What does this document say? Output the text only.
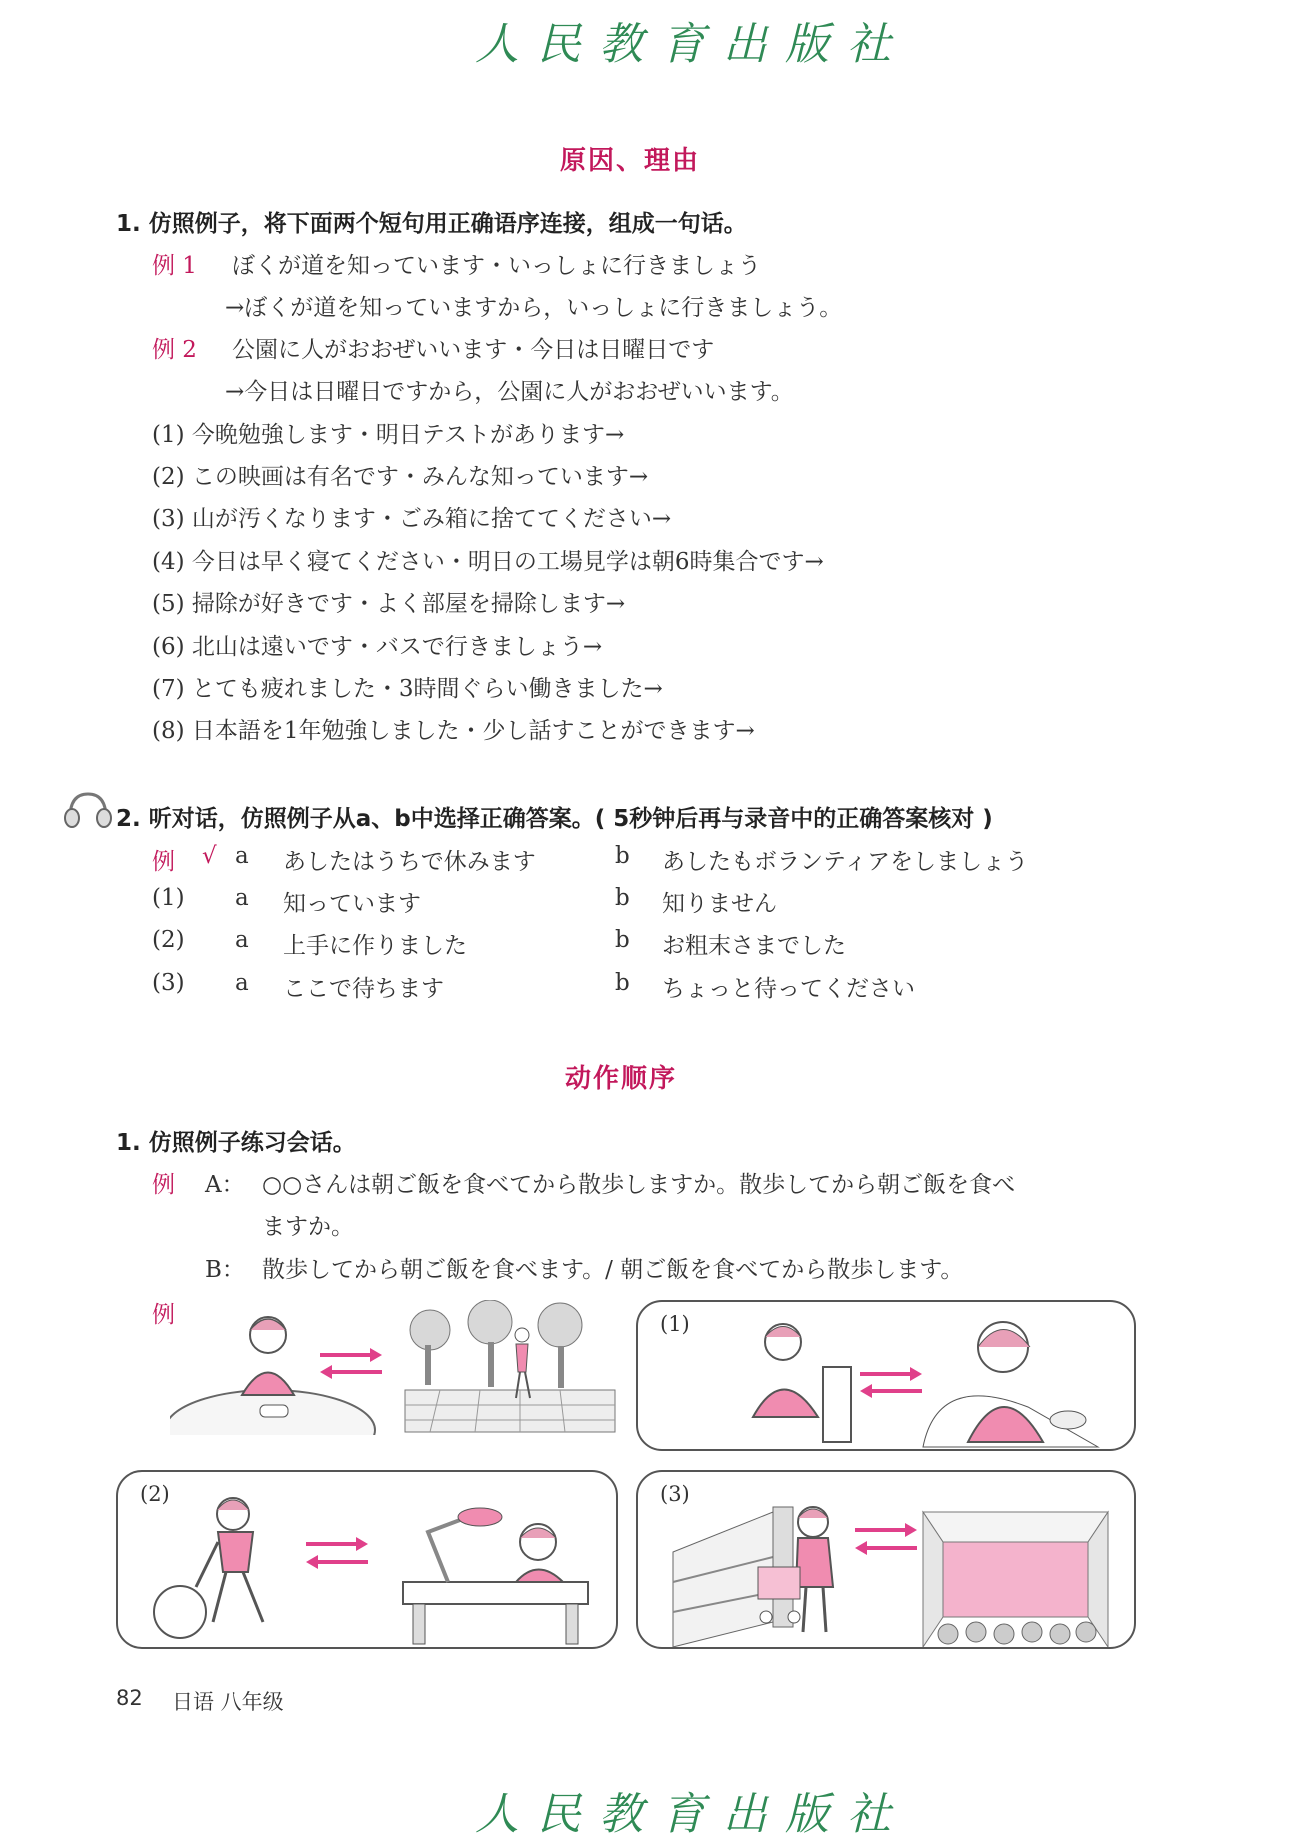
人民教育出版社
原因、理由
1. 仿照例子，将下面两个短句用正确语序连接，组成一句话。
例 1 ぼくが道を知っています・いっしょに行きましょう
→ぼくが道を知っていますから，いっしょに行きましょう。
例 2 公園に人がおおぜいいます・今日は日曜日です
→今日は日曜日ですから，公園に人がおおぜいいます。
(1) 今晩勉強します・明日テストがあります→
(2) この映画は有名です・みんな知っています→
(3) 山が汚くなります・ごみ箱に捨ててください→
(4) 今日は早く寝てください・明日の工場見学は朝6時集合です→
(5) 掃除が好きです・よく部屋を掃除します→
(6) 北山は遠いです・バスで行きましょう→
(7) とても疲れました・3時間ぐらい働きました→
(8) 日本語を1年勉強しました・少し話すことができます→
2. 听对话，仿照例子从a、b中选择正确答案。( 5秒钟后再与录音中的正确答案核对 )
例 √ a あしたはうちで休みます	b あしたもボランティアをしましょう
(1) a 知っています	b 知りません
(2) a 上手に作りました	b お粗末さまでした
(3) a ここで待ちます	b ちょっと待ってください
动作顺序
1. 仿照例子练习会话。
例 A： ○○さんは朝ご飯を食べてから散歩しますか。散歩してから朝ご飯を食べ
ますか。
B： 散歩してから朝ご飯を食べます。/ 朝ご飯を食べてから散歩します。
例	(1)
(2)	(3)
82 日语 八年级
人民教育出版社
